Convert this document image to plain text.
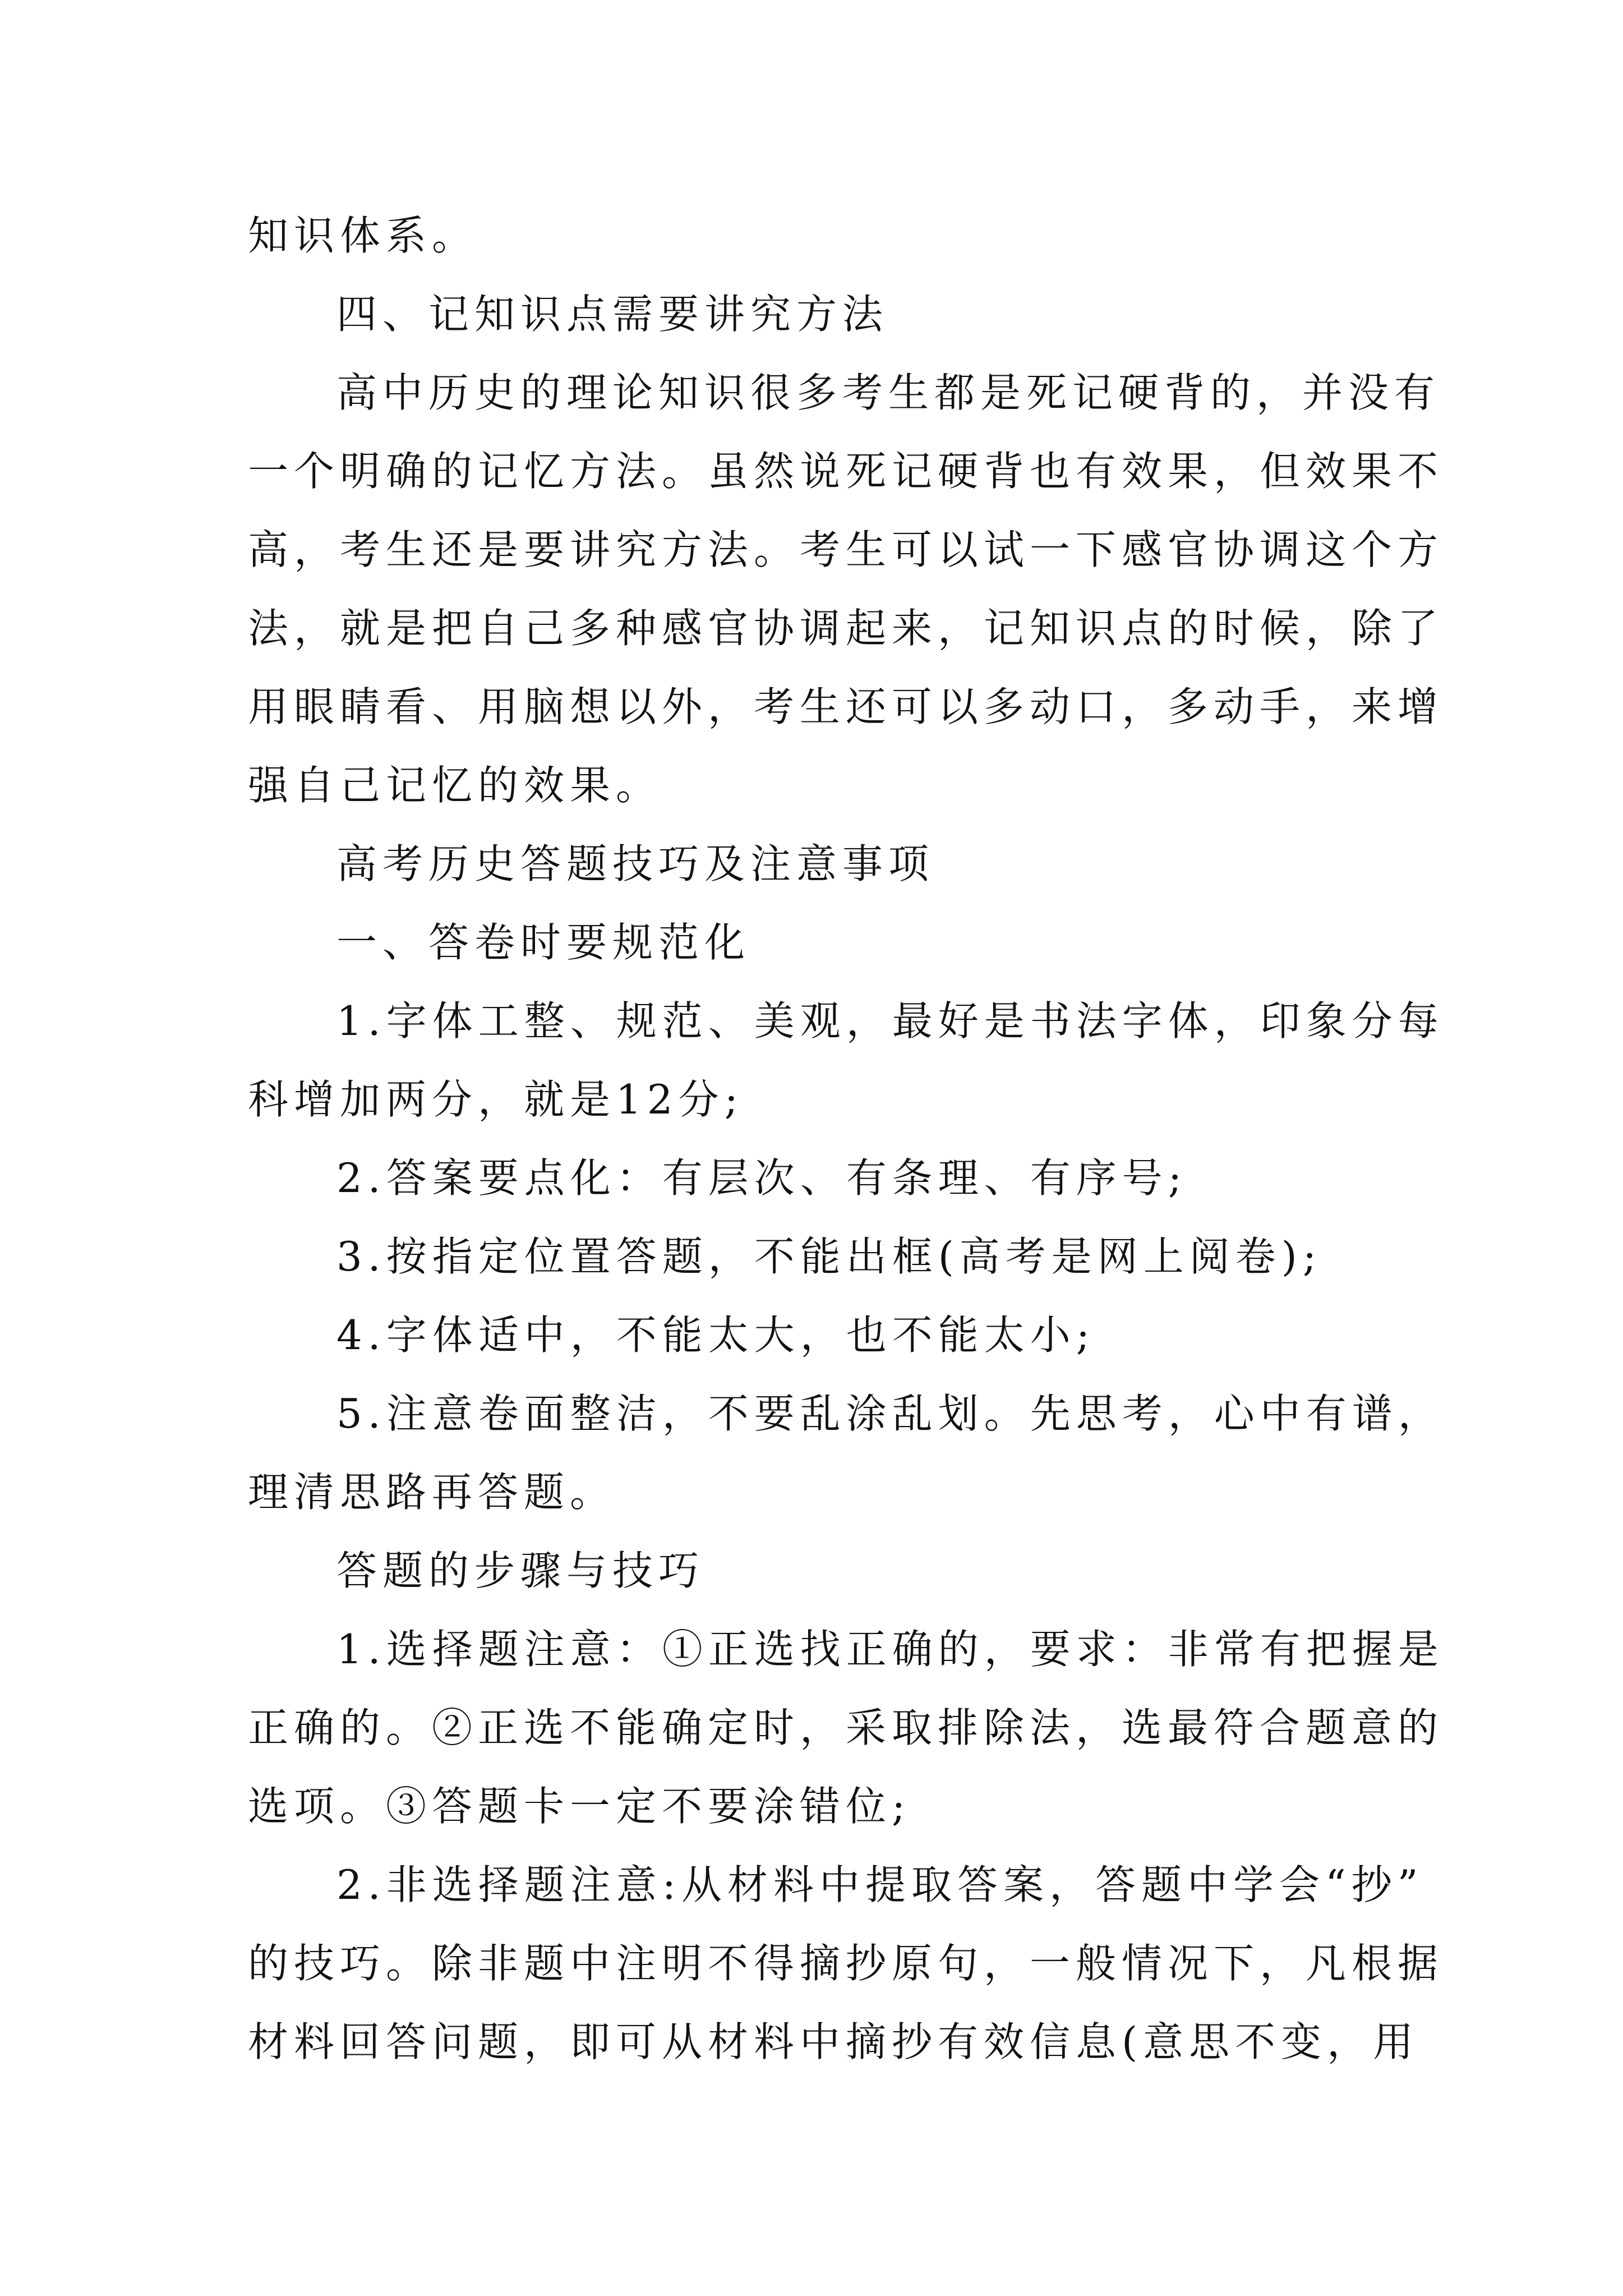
知识体系。
四、记知识点需要讲究方法
高中历史的理论知识很多考生都是死记硬背的，并没有
一个明确的记忆方法。虽然说死记硬背也有效果，但效果不
高，考生还是要讲究方法。考生可以试一下感官协调这个方
法，就是把自己多种感官协调起来，记知识点的时候，除了
用眼睛看、用脑想以外，考生还可以多动口，多动手，来增
强自己记忆的效果。
高考历史答题技巧及注意事项
一、答卷时要规范化
1.字体工整、规范、美观，最好是书法字体，印象分每
科增加两分，就是12分;
2.答案要点化：有层次、有条理、有序号;
3.按指定位置答题，不能出框(高考是网上阅卷);
4.字体适中，不能太大，也不能太小;
5.注意卷面整洁，不要乱涂乱划。先思考，心中有谱，
理清思路再答题。
答题的步骤与技巧
1.选择题注意：①正选找正确的，要求：非常有把握是
正确的。②正选不能确定时，采取排除法，选最符合题意的
选项。③答题卡一定不要涂错位;
2.非选择题注意:从材料中提取答案，答题中学会“抄”
的技巧。除非题中注明不得摘抄原句，一般情况下，凡根据
材料回答问题，即可从材料中摘抄有效信息(意思不变，用
